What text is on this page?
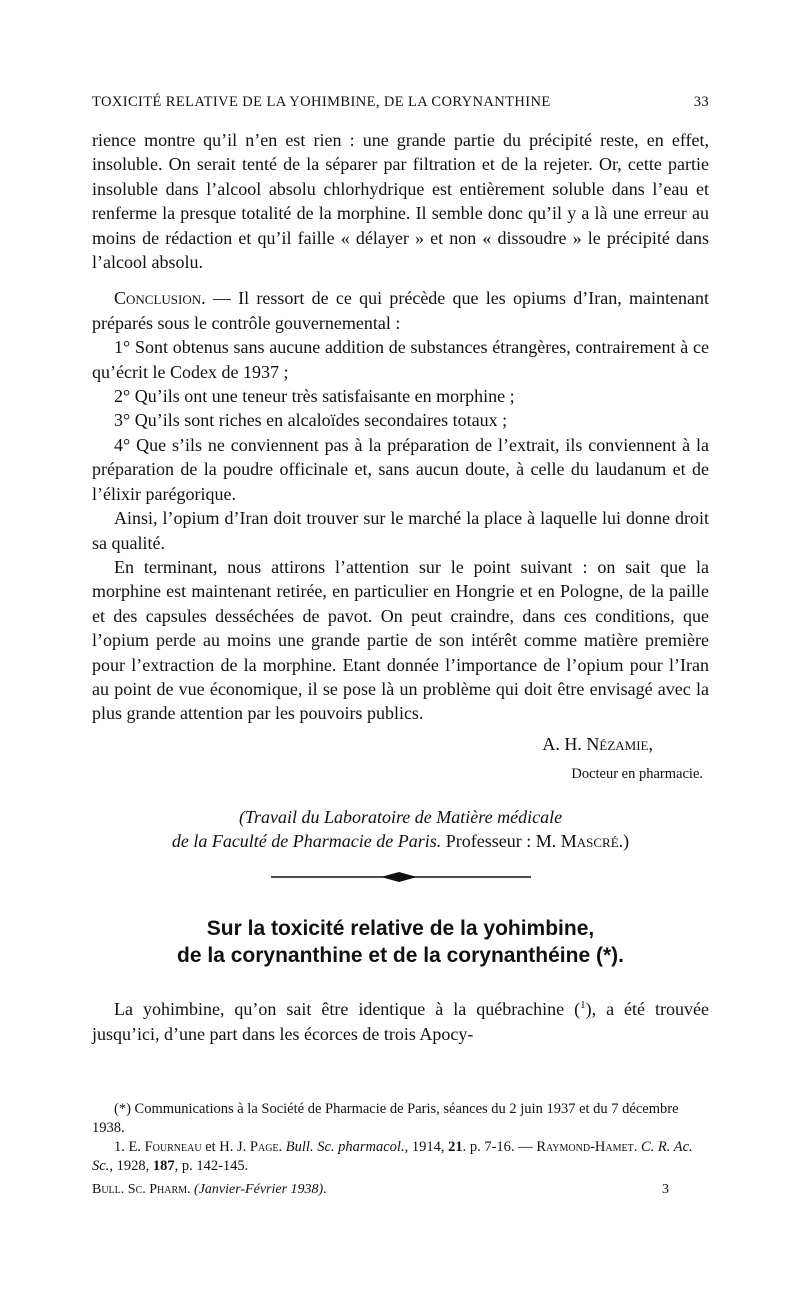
TOXICITÉ RELATIVE DE LA YOHIMBINE, DE LA CORYNANTHINE	33

rience montre qu’il n’en est rien : une grande partie du précipité reste, en effet, insoluble. On serait tenté de la séparer par filtration et de la rejeter. Or, cette partie insoluble dans l’alcool absolu chlorhydrique est entièrement soluble dans l’eau et renferme la presque totalité de la morphine. Il semble donc qu’il y a là une erreur au moins de rédaction et qu’il faille « délayer » et non « dissoudre » le précipité dans l’alcool absolu.

Conclusion. — Il ressort de ce qui précède que les opiums d’Iran, maintenant préparés sous le contrôle gouvernemental :

1° Sont obtenus sans aucune addition de substances étrangères, contrairement à ce qu’écrit le Codex de 1937 ;

2° Qu’ils ont une teneur très satisfaisante en morphine ;

3° Qu’ils sont riches en alcaloïdes secondaires totaux ;

4° Que s’ils ne conviennent pas à la préparation de l’extrait, ils conviennent à la préparation de la poudre officinale et, sans aucun doute, à celle du laudanum et de l’élixir parégorique.

Ainsi, l’opium d’Iran doit trouver sur le marché la place à laquelle lui donne droit sa qualité.

En terminant, nous attirons l’attention sur le point suivant : on sait que la morphine est maintenant retirée, en particulier en Hongrie et en Pologne, de la paille et des capsules desséchées de pavot. On peut craindre, dans ces conditions, que l’opium perde au moins une grande partie de son intérêt comme matière première pour l’extraction de la morphine. Etant donnée l’importance de l’opium pour l’Iran au point de vue économique, il se pose là un problème qui doit être envisagé avec la plus grande attention par les pouvoirs publics.

A. H. Nézamie,

Docteur en pharmacie.

(Travail du Laboratoire de Matière médicale
de la Faculté de Pharmacie de Paris. Professeur : M. Mascré.)

Sur la toxicité relative de la yohimbine,
de la corynanthine et de la corynanthéine (*).

La yohimbine, qu’on sait être identique à la québrachine ($^1$), a été trouvée jusqu’ici, d’une part dans les écorces de trois Apocy-

(*) Communications à la Société de Pharmacie de Paris, séances du 2 juin 1937 et du 7 décembre 1938.

1. E. Fourneau et H. J. Page. Bull. Sc. pharmacol., 1914, 21. p. 7-16. — Raymond-Hamet. C. R. Ac. Sc., 1928, 187, p. 142-145.

Bull. Sc. Pharm. (Janvier-Février 1938).	3
